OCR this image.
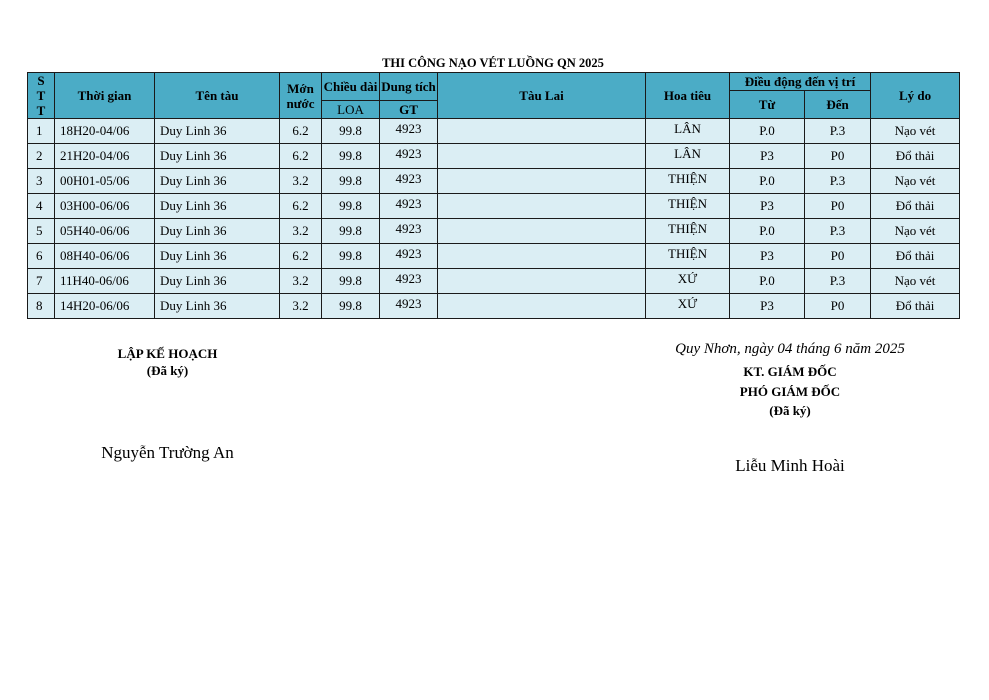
THI CÔNG NẠO VÉT LUỒNG QN 2025
S
T
T	Thời gian	Tên tàu	Mớn nước	Chiều dài	Dung tích	Tàu Lai	Hoa tiêu	Điều động đến vị trí		Lý do
								Từ	Đến	
				LOA	GT					
1	18H20-04/06	Duy Linh 36	6.2	99.8	4923		LÂN	P.0	P.3	Nạo vét
2	21H20-04/06	Duy Linh 36	6.2	99.8	4923		LÂN	P3	P0	Đổ thải
3	00H01-05/06	Duy Linh 36	3.2	99.8	4923		THIỆN	P.0	P.3	Nạo vét
4	03H00-06/06	Duy Linh 36	6.2	99.8	4923		THIỆN	P3	P0	Đổ thải
5	05H40-06/06	Duy Linh 36	3.2	99.8	4923		THIỆN	P.0	P.3	Nạo vét
6	08H40-06/06	Duy Linh 36	6.2	99.8	4923		THIỆN	P3	P0	Đổ thải
7	11H40-06/06	Duy Linh 36	3.2	99.8	4923		XỨ	P.0	P.3	Nạo vét
8	14H20-06/06	Duy Linh 36	3.2	99.8	4923		XỨ	P3	P0	Đổ thải
LẬP KẾ HOẠCH
(Đã ký)
Nguyễn Trường An
Quy Nhơn, ngày 04 tháng 6 năm 2025
KT. GIÁM ĐỐC
PHÓ GIÁM ĐỐC
(Đã ký)
Liễu Minh Hoài
